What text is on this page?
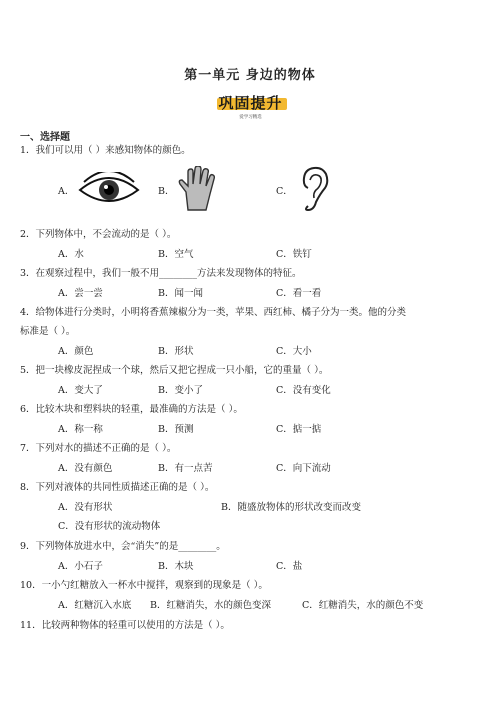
第一单元 身边的物体
巩固提升
爱学习精选
一、选择题
1．我们可以用（ ）来感知物体的颜色。
A．	B．	C．
2．下列物体中，不会流动的是（ ）。
A．水	B．空气	C．铁钉
3．在观察过程中，我们一般不用________方法来发现物体的特征。
A．尝一尝	B．闻一闻	C．看一看
4．给物体进行分类时，小明将香蕉辣椒分为一类，苹果、西红柿、橘子分为一类。他的分类
标准是（ ）。
A．颜色	B．形状	C．大小
5．把一块橡皮泥捏成一个球，然后又把它捏成一只小船，它的重量（ ）。
A．变大了	B．变小了	C．没有变化
6．比较木块和塑料块的轻重，最准确的方法是（ ）。
A．称一称	B．预测	C．掂一掂
7．下列对水的描述不正确的是（ ）。
A．没有颜色	B．有一点苦	C．向下流动
8．下列对液体的共同性质描述正确的是（ ）。
A．没有形状	B．随盛放物体的形状改变而改变
C．没有形状的流动物体
9．下列物体放进水中，会“消失”的是________。
A．小石子	B．木块	C．盐
10．一小勺红糖放入一杯水中搅拌，观察到的现象是（ ）。
A．红糖沉入水底 B．红糖消失，水的颜色变深	C．红糖消失，水的颜色不变
11．比较两种物体的轻重可以使用的方法是（ ）。
